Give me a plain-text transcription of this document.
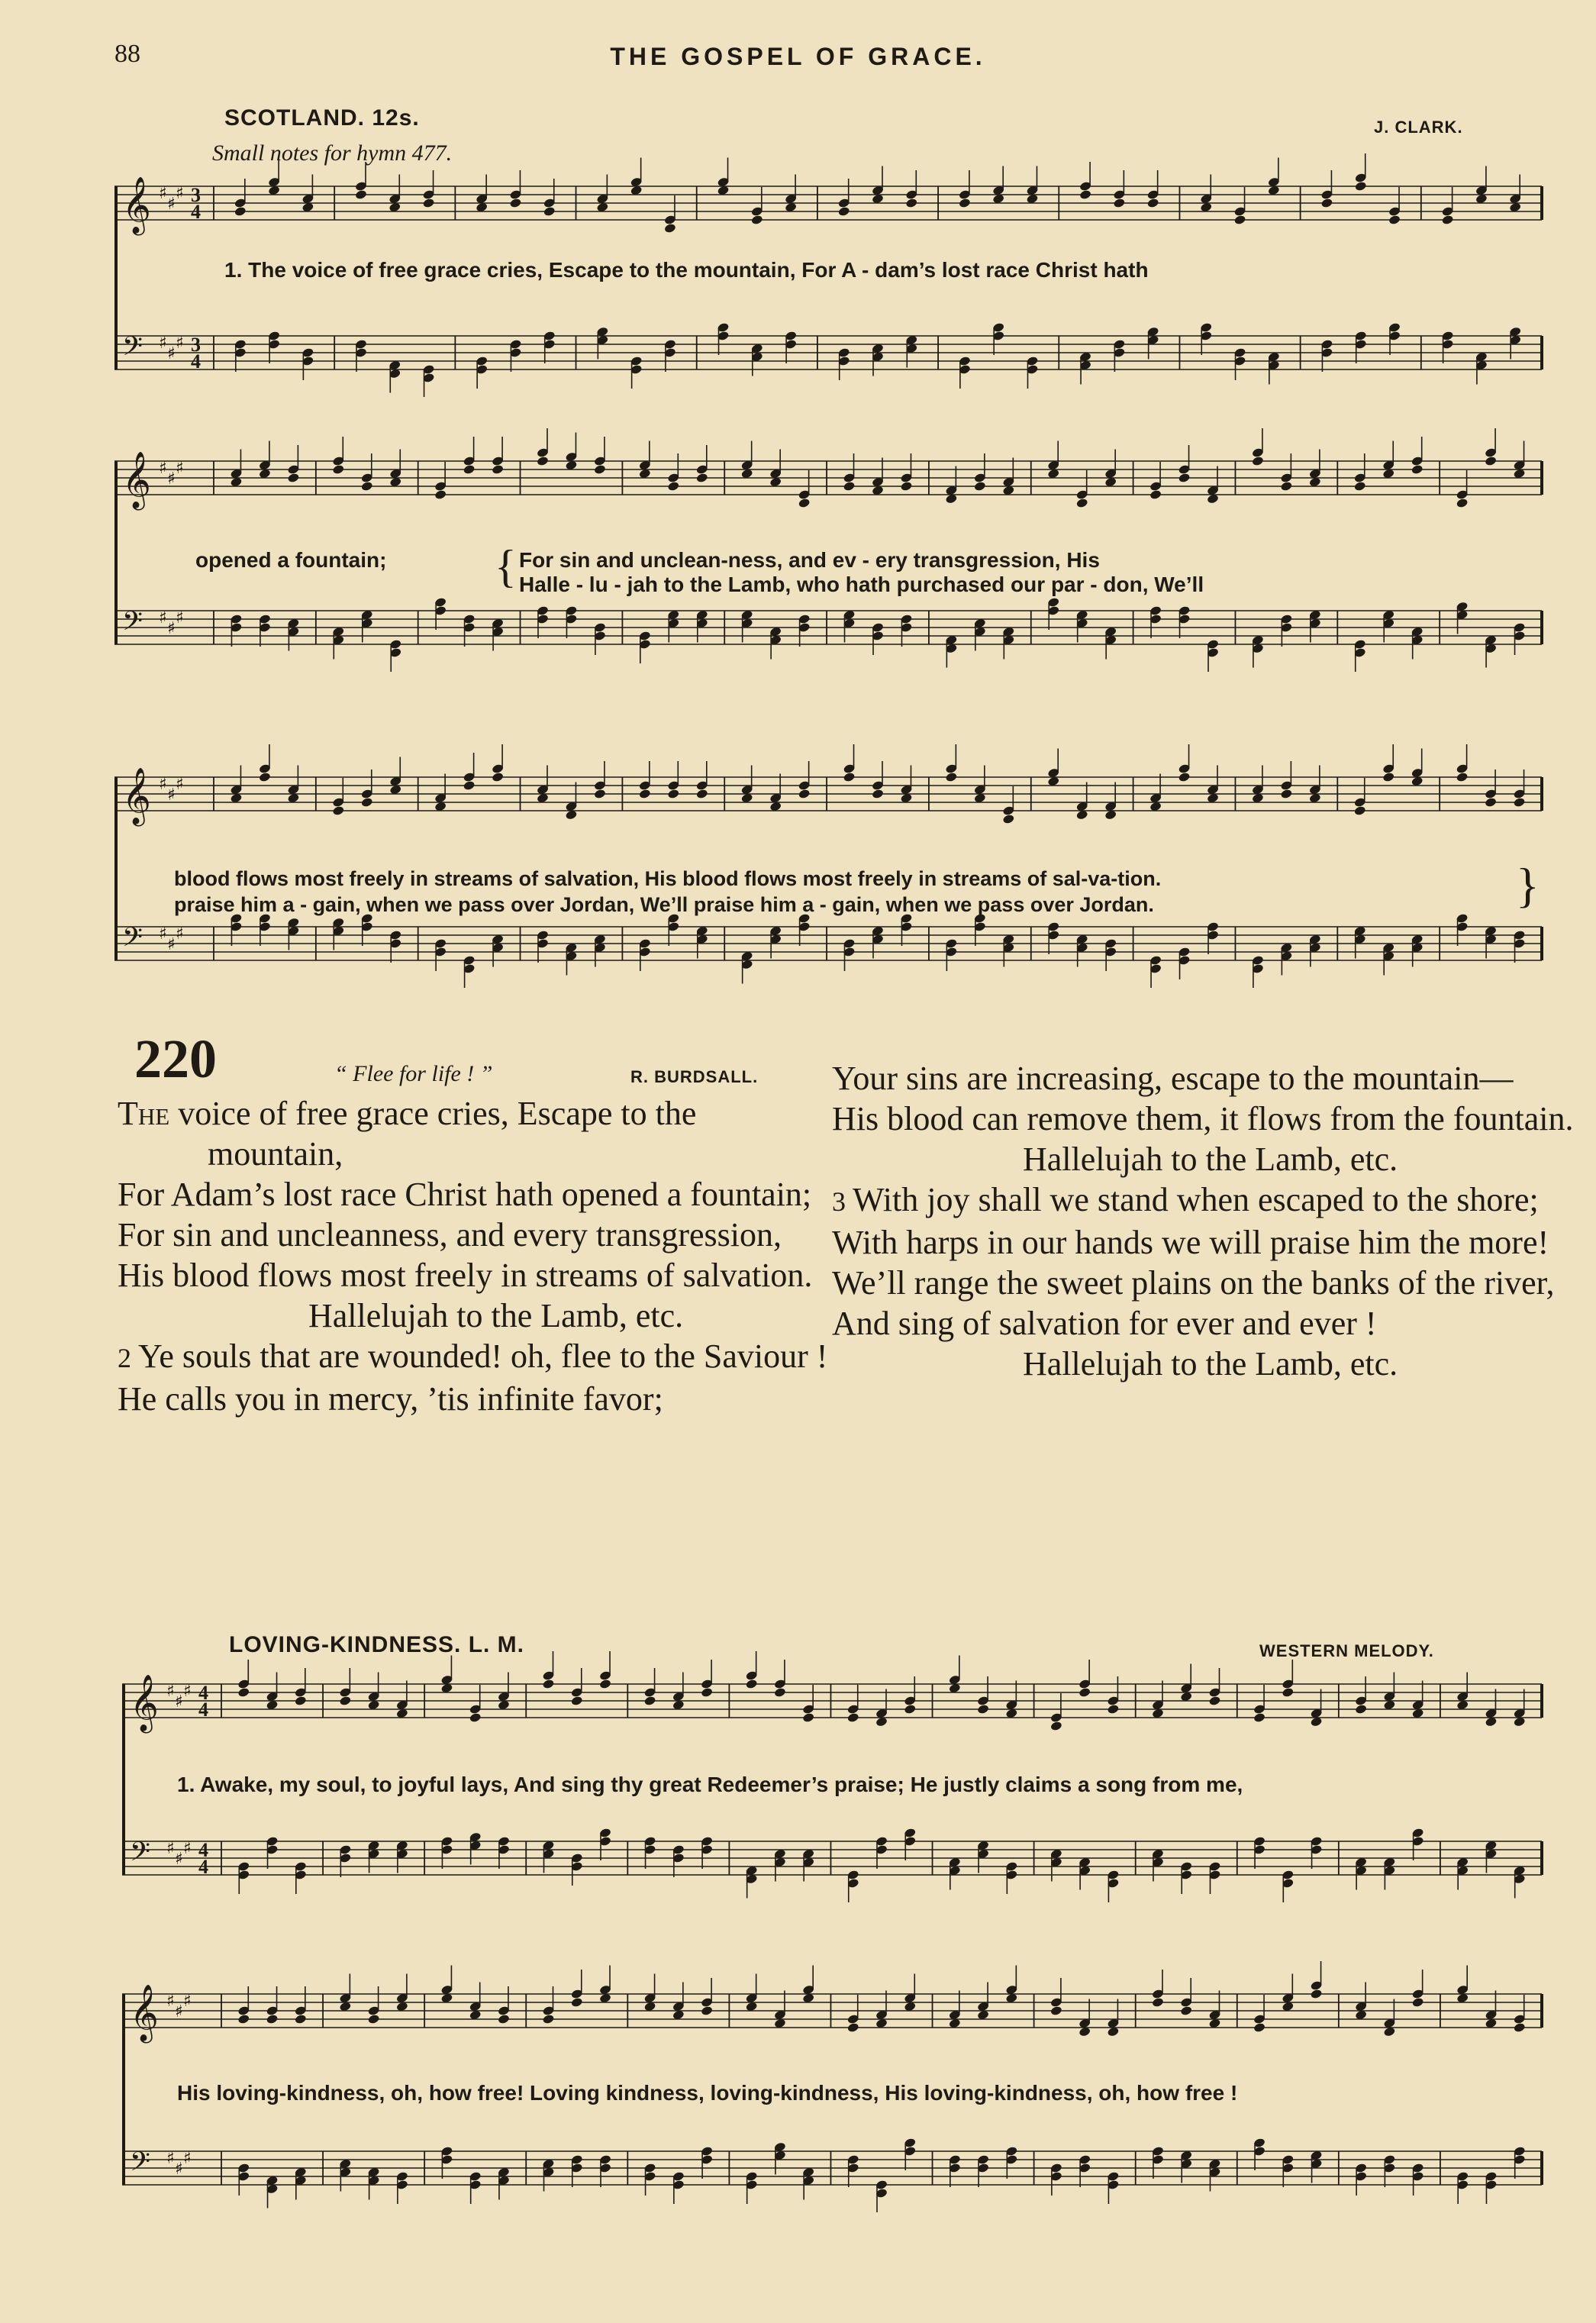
88	THE GOSPEL OF GRACE.
SCOTLAND. 12s.	J. CLARK.
Small notes for hymn 477.
𝄞 ♯
♯
♯ 3
4
𝄢 ♯
♯
♯ 3
4
1. The voice of free grace cries, Escape to the mountain, For A - dam’s lost race Christ hath
𝄞 ♯
♯
♯
𝄢 ♯
♯
♯
opened a fountain; { For sin and unclean-ness, and ev - ery transgression, His
Halle - lu - jah to the Lamb, who hath purchased our par - don, We’ll
𝄞 ♯
♯
♯
𝄢 ♯
♯
♯
blood flows most freely in streams of salvation, His blood flows most freely in streams of sal-va-tion.
praise him a - gain, when we pass over Jordan, We’ll praise him a - gain, when we pass over Jordan.	}
220	“ Flee for life ! ”	R. BURDSALL.
The voice of free grace cries, Escape to the mountain,
For Adam’s lost race Christ hath opened a fountain;
For sin and uncleanness, and every transgression,
His blood flows most freely in streams of salvation.
Hallelujah to the Lamb, etc.
2 Ye souls that are wounded! oh, flee to the Saviour !
He calls you in mercy, ’tis infinite favor;
Your sins are increasing, escape to the mountain—
His blood can remove them, it flows from the fountain.
Hallelujah to the Lamb, etc.
3 With joy shall we stand when escaped to the shore;
With harps in our hands we will praise him the more!
We’ll range the sweet plains on the banks of the river,
And sing of salvation for ever and ever !
Hallelujah to the Lamb, etc.
LOVING-KINDNESS. L. M.	WESTERN MELODY.
𝄞 ♯
♯
♯ 4
4
𝄢 ♯
♯
♯ 4
4
1. Awake, my soul, to joyful lays, And sing thy great Redeemer’s praise; He justly claims a song from me,
𝄞 ♯
♯
♯
𝄢 ♯
♯
♯
His loving-kindness, oh, how free! Loving kindness, loving-kindness, His loving-kindness, oh, how free !
